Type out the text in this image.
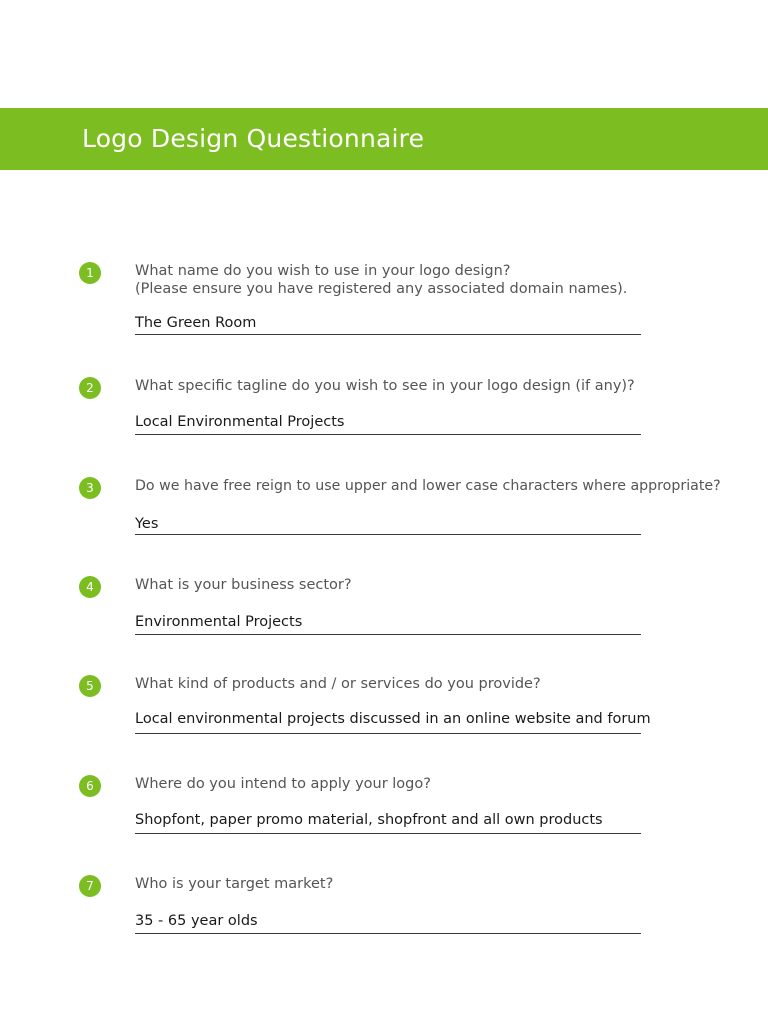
Logo Design Questionnaire
1	What name do you wish to use in your logo design?
(Please ensure you have registered any associated domain names).
The Green Room
2	What specific tagline do you wish to see in your logo design (if any)?
Local Environmental Projects
3	Do we have free reign to use upper and lower case characters where appropriate?
Yes
4	What is your business sector?
Environmental Projects
5	What kind of products and / or services do you provide?
Local environmental projects discussed in an online website and forum
6	Where do you intend to apply your logo?
Shopfont, paper promo material, shopfront and all own products
7	Who is your target market?
35 - 65 year olds
